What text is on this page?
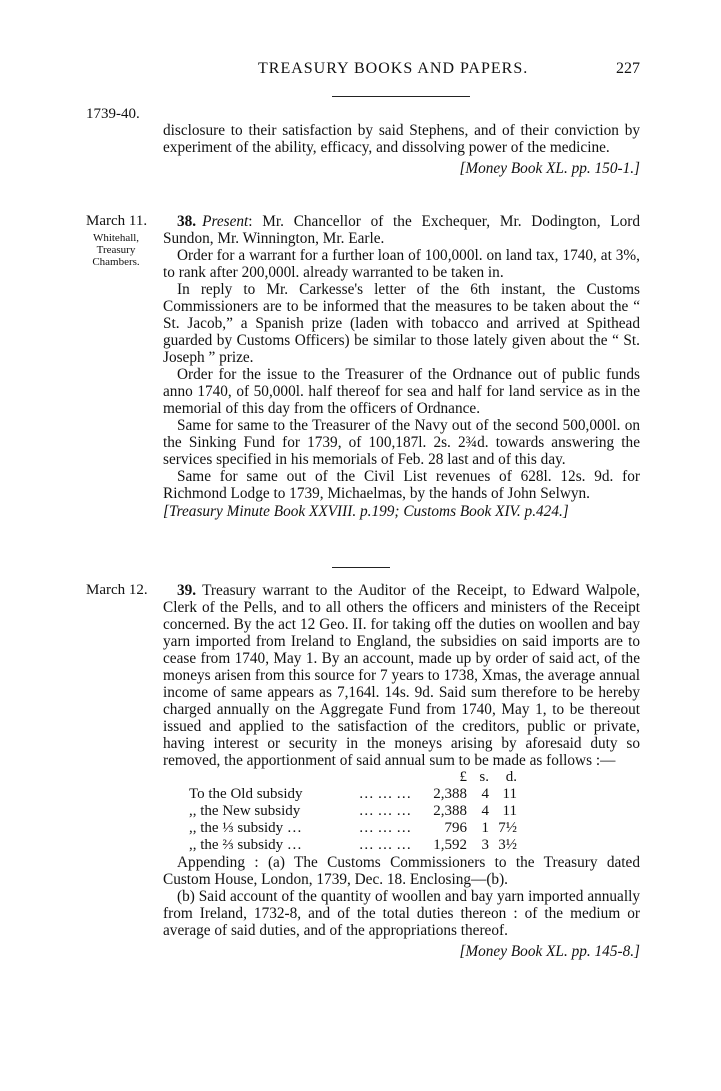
TREASURY BOOKS AND PAPERS.	227
1739-40.

disclosure to their satisfaction by said Stephens, and of their conviction by experiment of the ability, efficacy, and dissolving power of the medicine.

[Money Book XL. pp. 150-1.]

March 11.
Whitehall,
Treasury
Chambers.

38. Present: Mr. Chancellor of the Exchequer, Mr. Dodington, Lord Sundon, Mr. Winnington, Mr. Earle.

Order for a warrant for a further loan of 100,000l. on land tax, 1740, at 3%, to rank after 200,000l. already warranted to be taken in.

In reply to Mr. Carkesse's letter of the 6th instant, the Customs Commissioners are to be informed that the measures to be taken about the “ St. Jacob,” a Spanish prize (laden with tobacco and arrived at Spithead guarded by Customs Officers) be similar to those lately given about the “ St. Joseph ” prize.

Order for the issue to the Treasurer of the Ordnance out of public funds anno 1740, of 50,000l. half thereof for sea and half for land service as in the memorial of this day from the officers of Ordnance.

Same for same to the Treasurer of the Navy out of the second 500,000l. on the Sinking Fund for 1739, of 100,187l. 2s. 2¾d. towards answering the services specified in his memorials of Feb. 28 last and of this day.

Same for same out of the Civil List revenues of 628l. 12s. 9d. for Richmond Lodge to 1739, Michaelmas, by the hands of John Selwyn.

[Treasury Minute Book XXVIII. p.199; Customs Book XIV. p.424.]

March 12.	39. Treasury warrant to the Auditor of the Receipt, to Edward Walpole, Clerk of the Pells, and to all others the officers and ministers of the Receipt concerned. By the act 12 Geo. II. for taking off the duties on woollen and bay yarn imported from Ireland to England, the subsidies on said imports are to cease from 1740, May 1. By an account, made up by order of said act, of the moneys arisen from this source for 7 years to 1738, Xmas, the average annual income of same appears as 7,164l. 14s. 9d. Said sum therefore to be hereby charged annually on the Aggregate Fund from 1740, May 1, to be thereout issued and applied to the satisfaction of the creditors, public or private, having interest or security in the moneys arising by aforesaid duty so removed, the apportionment of said annual sum to be made as follows :—

			£	s.	d.
To the Old subsidy	… … …		2,388	4	11
,, the New subsidy	… … …		2,388	4	11
,, the ⅓ subsidy …	… … …		796	1	7½
,, the ⅔ subsidy …	… … …		1,592	3	3½

Appending : (a) The Customs Commissioners to the Treasury dated Custom House, London, 1739, Dec. 18. Enclosing—(b).

(b) Said account of the quantity of woollen and bay yarn imported annually from Ireland, 1732-8, and of the total duties thereon : of the medium or average of said duties, and of the appropriations thereof.

[Money Book XL. pp. 145-8.]
